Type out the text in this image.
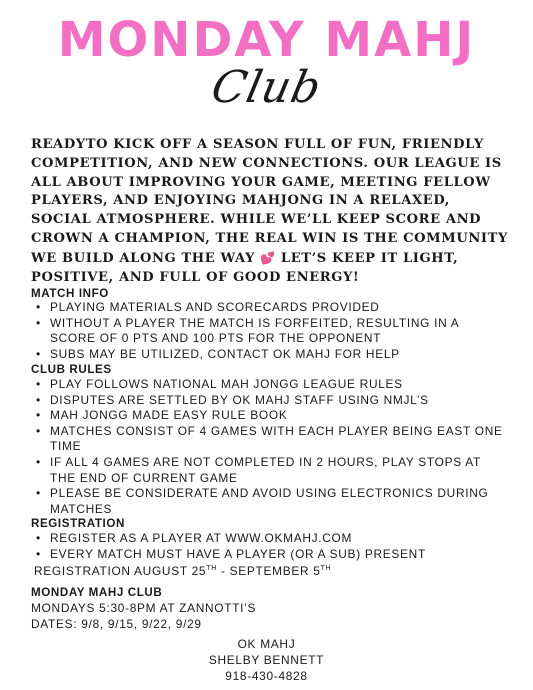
MONDAY MAHJ
Club
READYTO KICK OFF A SEASON FULL OF FUN, FRIENDLY COMPETITION, AND NEW CONNECTIONS. OUR LEAGUE IS ALL ABOUT IMPROVING YOUR GAME, MEETING FELLOW PLAYERS, AND ENJOYING MAHJONG IN A RELAXED, SOCIAL ATMOSPHERE. WHILE WE’LL KEEP SCORE AND CROWN A CHAMPION, THE REAL WIN IS THE COMMUNITY WE BUILD ALONG THE WAY 💕 LET’S KEEP IT LIGHT, POSITIVE, AND FULL OF GOOD ENERGY!
MATCH INFO
• PLAYING MATERIALS AND SCORECARDS PROVIDED
• WITHOUT A PLAYER THE MATCH IS FORFEITED, RESULTING IN A SCORE OF 0 PTS AND 100 PTS FOR THE OPPONENT
• SUBS MAY BE UTILIZED, CONTACT OK MAHJ FOR HELP
CLUB RULES
• PLAY FOLLOWS NATIONAL MAH JONGG LEAGUE RULES
• DISPUTES ARE SETTLED BY OK MAHJ STAFF USING NMJL’S
• MAH JONGG MADE EASY RULE BOOK
• MATCHES CONSIST OF 4 GAMES WITH EACH PLAYER BEING EAST ONE TIME
• IF ALL 4 GAMES ARE NOT COMPLETED IN 2 HOURS, PLAY STOPS AT THE END OF CURRENT GAME
• PLEASE BE CONSIDERATE AND AVOID USING ELECTRONICS DURING MATCHES
REGISTRATION
• REGISTER AS A PLAYER AT WWW.OKMAHJ.COM
• EVERY MATCH MUST HAVE A PLAYER (OR A SUB) PRESENT
REGISTRATION AUGUST 25TH - SEPTEMBER 5TH
MONDAY MAHJ CLUB
MONDAYS 5:30-8PM AT ZANNOTTI’S
DATES: 9/8, 9/15, 9/22, 9/29
OK MAHJ
SHELBY BENNETT
918-430-4828
